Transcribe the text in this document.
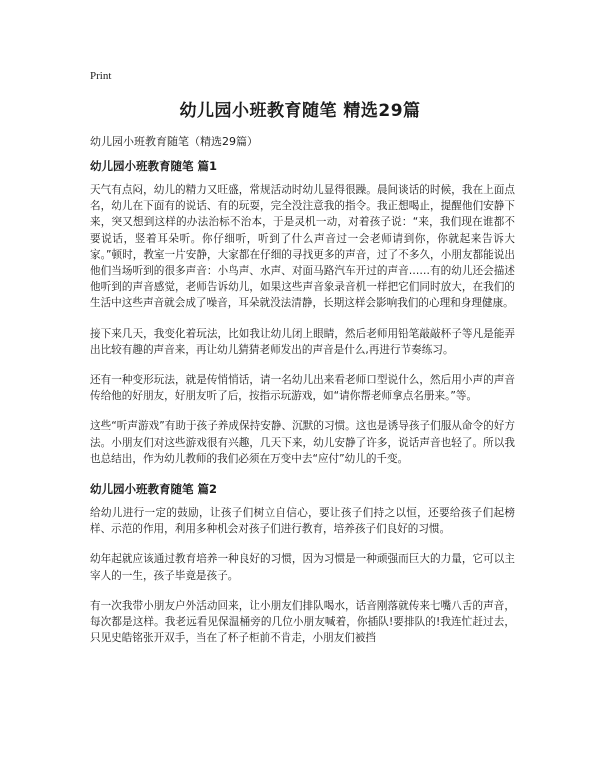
Print
幼儿园小班教育随笔 精选29篇

幼儿园小班教育随笔（精选29篇）

幼儿园小班教育随笔 篇1

天气有点闷，幼儿的精力又旺盛，常规活动时幼儿显得很躁。晨间谈话的时候，我在上面点名，幼儿在下面有的说话、有的玩耍，完全没注意我的指令。我正想喝止，提醒他们安静下来，突又想到这样的办法治标不治本，于是灵机一动，对着孩子说：“来，我们现在谁都不要说话，竖着耳朵听。你仔细听，听到了什么声音过一会老师请到你，你就起来告诉大家。”顿时，教室一片安静，大家都在仔细的寻找更多的声音，过了不多久，小朋友都能说出他们当场听到的很多声音：小鸟声、水声、对面马路汽车开过的声音……有的幼儿还会描述他听到的声音感觉，老师告诉幼儿，如果这些声音象录音机一样把它们同时放大，在我们的生活中这些声音就会成了噪音，耳朵就没法清静，长期这样会影响我们的心理和身理健康。

接下来几天，我变化着玩法，比如我让幼儿闭上眼睛，然后老师用铅笔敲敲杯子等凡是能弄出比较有趣的声音来，再让幼儿猜猜老师发出的声音是什么,再进行节奏练习。

还有一种变形玩法，就是传悄悄话，请一名幼儿出来看老师口型说什么，然后用小声的声音传给他的好朋友，好朋友听了后，按指示玩游戏，如“请你帮老师拿点名册来。”等。

这些“听声游戏”有助于孩子养成保持安静、沉默的习惯。这也是诱导孩子们服从命令的好方法。小朋友们对这些游戏很有兴趣，几天下来，幼儿安静了许多，说话声音也轻了。所以我也总结出，作为幼儿教师的我们必须在万变中去“应付”幼儿的千变。

幼儿园小班教育随笔 篇2

给幼儿进行一定的鼓励，让孩子们树立自信心，要让孩子们持之以恒，还要给孩子们起榜样、示范的作用，利用多种机会对孩子们进行教育，培养孩子们良好的习惯。

幼年起就应该通过教育培养一种良好的习惯，因为习惯是一种顽强而巨大的力量，它可以主宰人的一生，孩子毕竟是孩子。

有一次我带小朋友户外活动回来，让小朋友们排队喝水，话音刚落就传来七嘴八舌的声音，每次都是这样。我老远看见保温桶旁的几位小朋友喊着，你插队!要排队的!我连忙赶过去，只见史皓铭张开双手，当在了杯子柜前不肯走，小朋友们被挡
